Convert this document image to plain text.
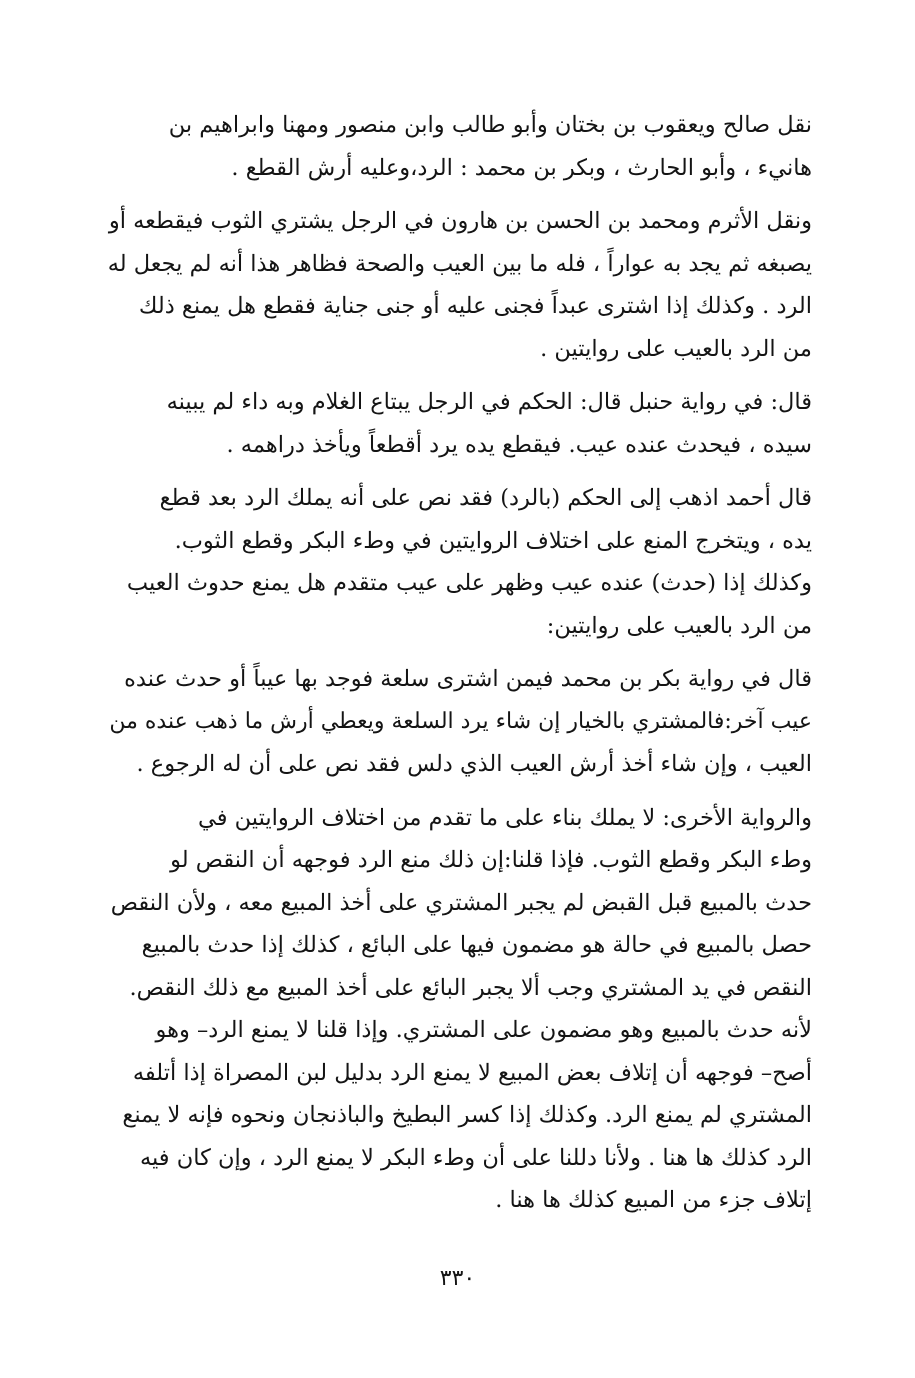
نقل صالح ويعقوب بن بختان وأبو طالب وابن منصور ومهنا وابراهيم بن
هانيء ، وأبو الحارث ، وبكر بن محمد : الرد،وعليه أرش القطع .

ونقل الأثرم ومحمد بن الحسن بن هارون في الرجل يشتري الثوب فيقطعه أو
يصبغه ثم يجد به عواراً ، فله ما بين العيب والصحة فظاهر هذا أنه لم يجعل له
الرد . وكذلك إذا اشترى عبداً فجنى عليه أو جنى جناية فقطع هل يمنع ذلك
من الرد بالعيب على روايتين .

قال: في رواية حنبل قال: الحكم في الرجل يبتاع الغلام وبه داء لم يبينه
سيده ، فيحدث عنده عيب. فيقطع يده يرد أقطعاً ويأخذ دراهمه .

قال أحمد اذهب إلى الحكم (بالرد) فقد نص على أنه يملك الرد بعد قطع
يده ، ويتخرج المنع على اختلاف الروايتين في وطء البكر وقطع الثوب.
وكذلك إذا (حدث) عنده عيب وظهر على عيب متقدم هل يمنع حدوث العيب
من الرد بالعيب على روايتين:

قال في رواية بكر بن محمد فيمن اشترى سلعة فوجد بها عيباً أو حدث عنده
عيب آخر:فالمشتري بالخيار إن شاء يرد السلعة ويعطي أرش ما ذهب عنده من
العيب ، وإن شاء أخذ أرش العيب الذي دلس فقد نص على أن له الرجوع .

والرواية الأخرى: لا يملك بناء على ما تقدم من اختلاف الروايتين في
وطء البكر وقطع الثوب. فإذا قلنا:إن ذلك منع الرد فوجهه أن النقص لو
حدث بالمبيع قبل القبض لم يجبر المشتري على أخذ المبيع معه ، ولأن النقص
حصل بالمبيع في حالة هو مضمون فيها على البائع ، كذلك إذا حدث بالمبيع
النقص في يد المشتري وجب ألا يجبر البائع على أخذ المبيع مع ذلك النقص.
لأنه حدث بالمبيع وهو مضمون على المشتري. وإذا قلنا لا يمنع الرد– وهو
أصح– فوجهه أن إتلاف بعض المبيع لا يمنع الرد بدليل لبن المصراة إذا أتلفه
المشتري لم يمنع الرد. وكذلك إذا كسر البطيخ والباذنجان ونحوه فإنه لا يمنع
الرد كذلك ها هنا . ولأنا دللنا على أن وطء البكر لا يمنع الرد ، وإن كان فيه
إتلاف جزء من المبيع كذلك ها هنا .

٣٣٠
